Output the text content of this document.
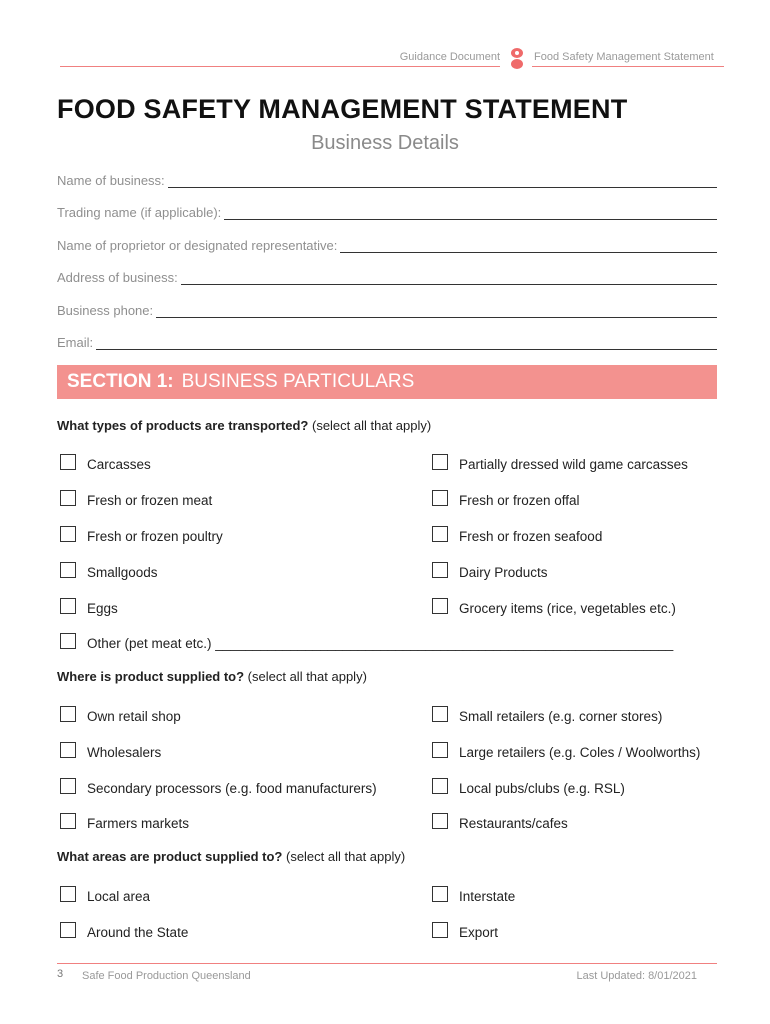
Guidance Document	Food Safety Management Statement
FOOD SAFETY MANAGEMENT STATEMENT
Business Details
Name of business:
Trading name (if applicable):
Name of proprietor or designated representative:
Address of business:
Business phone:
Email:
SECTION 1: BUSINESS PARTICULARS
What types of products are transported? (select all that apply)
Carcasses	Partially dressed wild game carcasses
Fresh or frozen meat	Fresh or frozen offal
Fresh or frozen poultry	Fresh or frozen seafood
Smallgoods	Dairy Products
Eggs	Grocery items (rice, vegetables etc.)
Other (pet meat etc.) _____________________________________________________________
Where is product supplied to? (select all that apply)
Own retail shop	Small retailers (e.g. corner stores)
Wholesalers	Large retailers (e.g. Coles / Woolworths)
Secondary processors (e.g. food manufacturers)	Local pubs/clubs (e.g. RSL)
Farmers markets	Restaurants/cafes
What areas are product supplied to? (select all that apply)
Local area	Interstate
Around the State	Export
3 Safe Food Production Queensland	Last Updated: 8/01/2021
